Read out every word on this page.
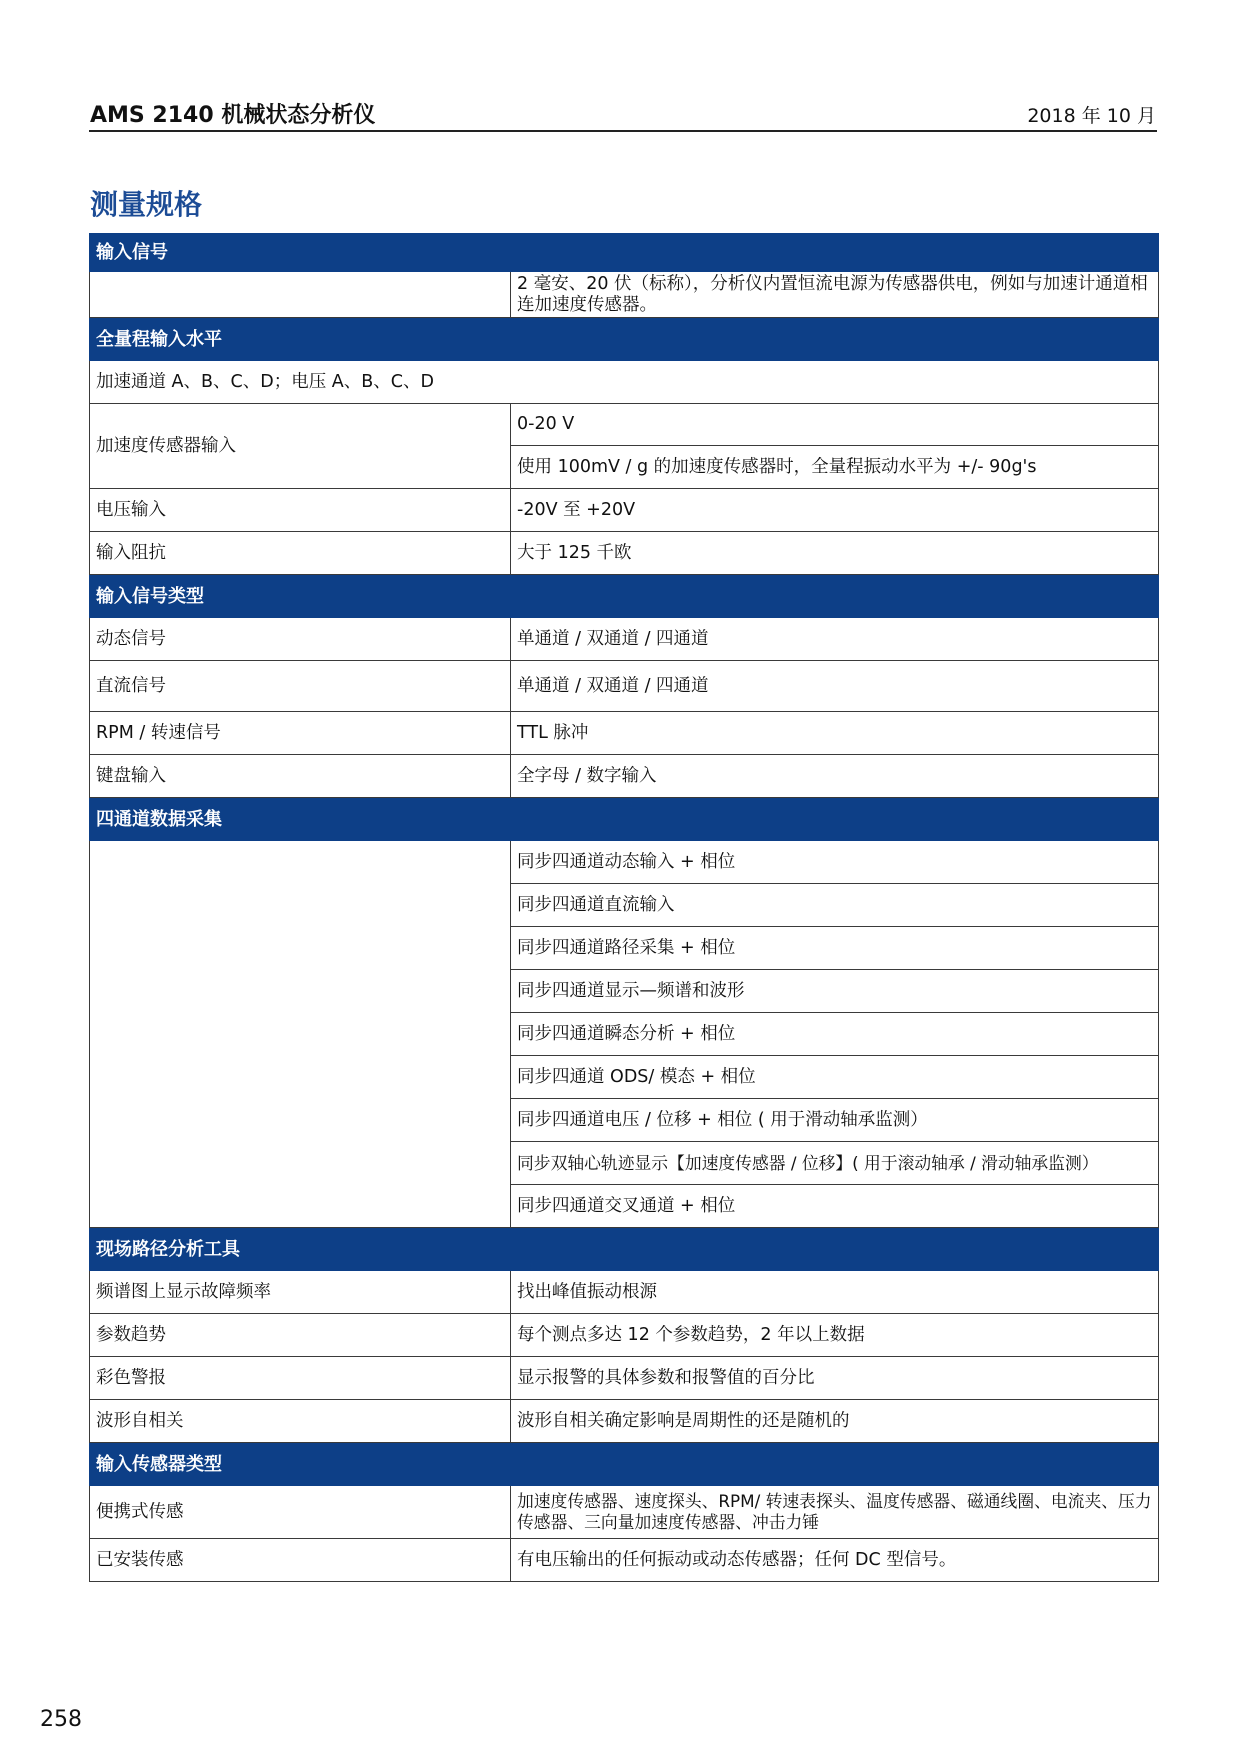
AMS 2140 机械状态分析仪	2018 年 10 月
测量规格
输入信号	
	2 毫安、20 伏（标称），分析仪内置恒流电源为传感器供电，例如与加速计通道相连加速度传感器。
全量程输入水平	
加速通道 A、B、C、D；电压 A、B、C、D	
加速度传感器输入	0-20 V
	使用 100mV / g 的加速度传感器时，全量程振动水平为 +/- 90g's
电压输入	-20V 至 +20V
输入阻抗	大于 125 千欧
输入信号类型	
动态信号	单通道 / 双通道 / 四通道
直流信号	单通道 / 双通道 / 四通道
RPM / 转速信号	TTL 脉冲
键盘输入	全字母 / 数字输入
四通道数据采集	
	同步四通道动态输入 + 相位
	同步四通道直流输入
	同步四通道路径采集 + 相位
	同步四通道显示—频谱和波形
	同步四通道瞬态分析 + 相位
	同步四通道 ODS/ 模态 + 相位
	同步四通道电压 / 位移 + 相位 ( 用于滑动轴承监测）
	同步双轴心轨迹显示【加速度传感器 / 位移】( 用于滚动轴承 / 滑动轴承监测）
	同步四通道交叉通道 + 相位
现场路径分析工具	
频谱图上显示故障频率	找出峰值振动根源
参数趋势	每个测点多达 12 个参数趋势，2 年以上数据
彩色警报	显示报警的具体参数和报警值的百分比
波形自相关	波形自相关确定影响是周期性的还是随机的
输入传感器类型	
便携式传感	加速度传感器、速度探头、RPM/ 转速表探头、温度传感器、磁通线圈、电流夹、压力传感器、三向量加速度传感器、冲击力锤
已安装传感	有电压输出的任何振动或动态传感器；任何 DC 型信号。
258
